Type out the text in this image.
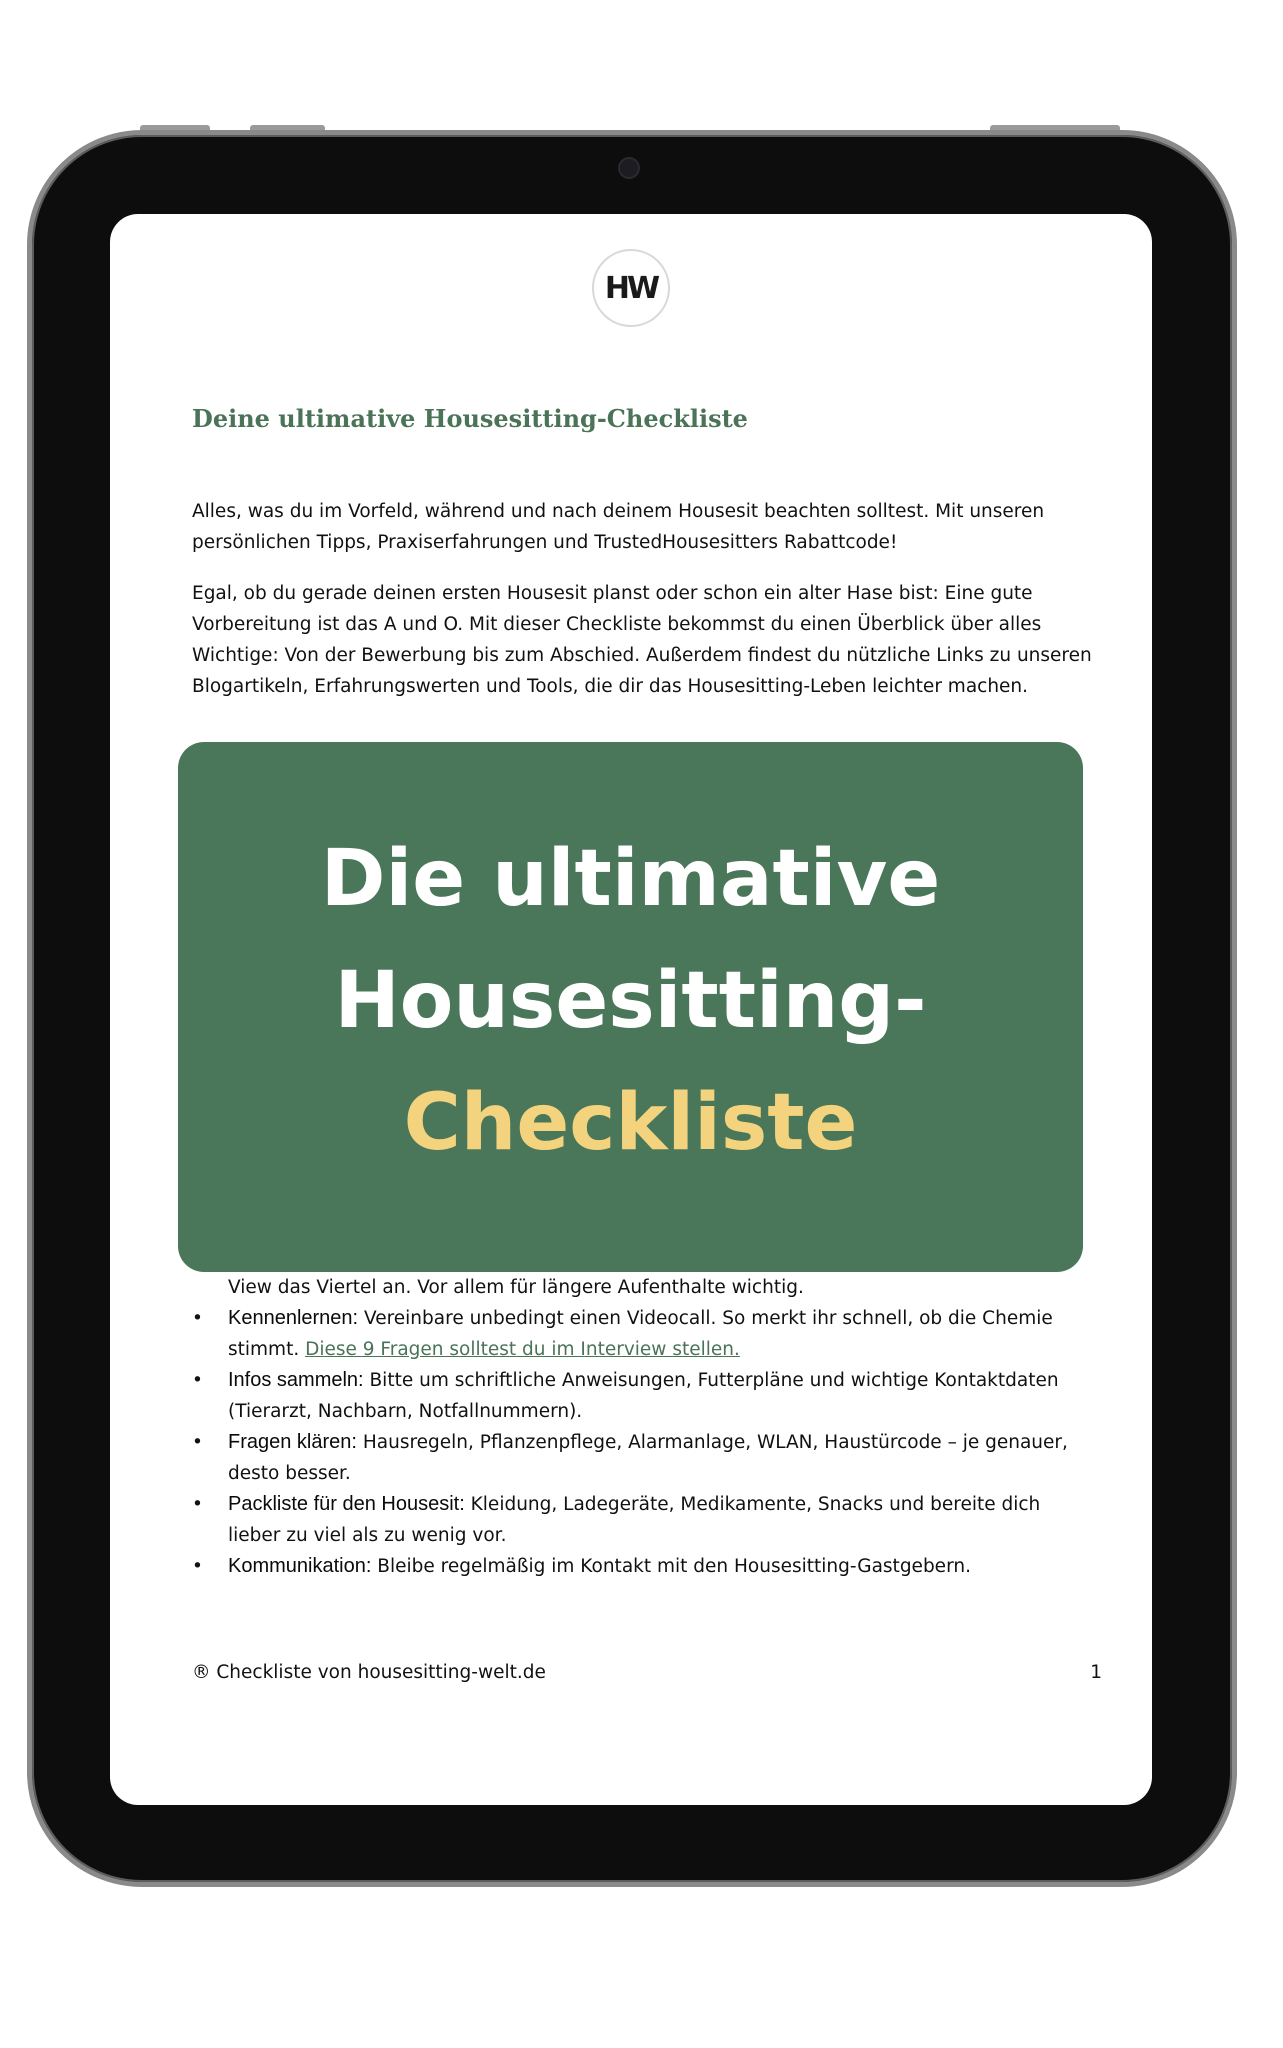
HW
Deine ultimative Housesitting-Checkliste
Alles, was du im Vorfeld, während und nach deinem Housesit beachten solltest. Mit unseren persönlichen Tipps, Praxiserfahrungen und TrustedHousesitters Rabattcode!
Egal, ob du gerade deinen ersten Housesit planst oder schon ein alter Hase bist: Eine gute Vorbereitung ist das A und O. Mit dieser Checkliste bekommst du einen Überblick über alles Wichtige: Von der Bewerbung bis zum Abschied. Außerdem findest du nützliche Links zu unseren Blogartikeln, Erfahrungswerten und Tools, die dir das Housesitting-Leben leichter machen.
Die ultimative
Housesitting-
Checkliste
View das Viertel an. Vor allem für längere Aufenthalte wichtig.
• Kennenlernen: Vereinbare unbedingt einen Videocall. So merkt ihr schnell, ob die Chemie stimmt. Diese 9 Fragen solltest du im Interview stellen.
• Infos sammeln: Bitte um schriftliche Anweisungen, Futterpläne und wichtige Kontaktdaten (Tierarzt, Nachbarn, Notfallnummern).
• Fragen klären: Hausregeln, Pflanzenpflege, Alarmanlage, WLAN, Haustürcode – je genauer, desto besser.
• Packliste für den Housesit: Kleidung, Ladegeräte, Medikamente, Snacks und bereite dich lieber zu viel als zu wenig vor.
• Kommunikation: Bleibe regelmäßig im Kontakt mit den Housesitting-Gastgebern.
® Checkliste von housesitting-welt.de	1
